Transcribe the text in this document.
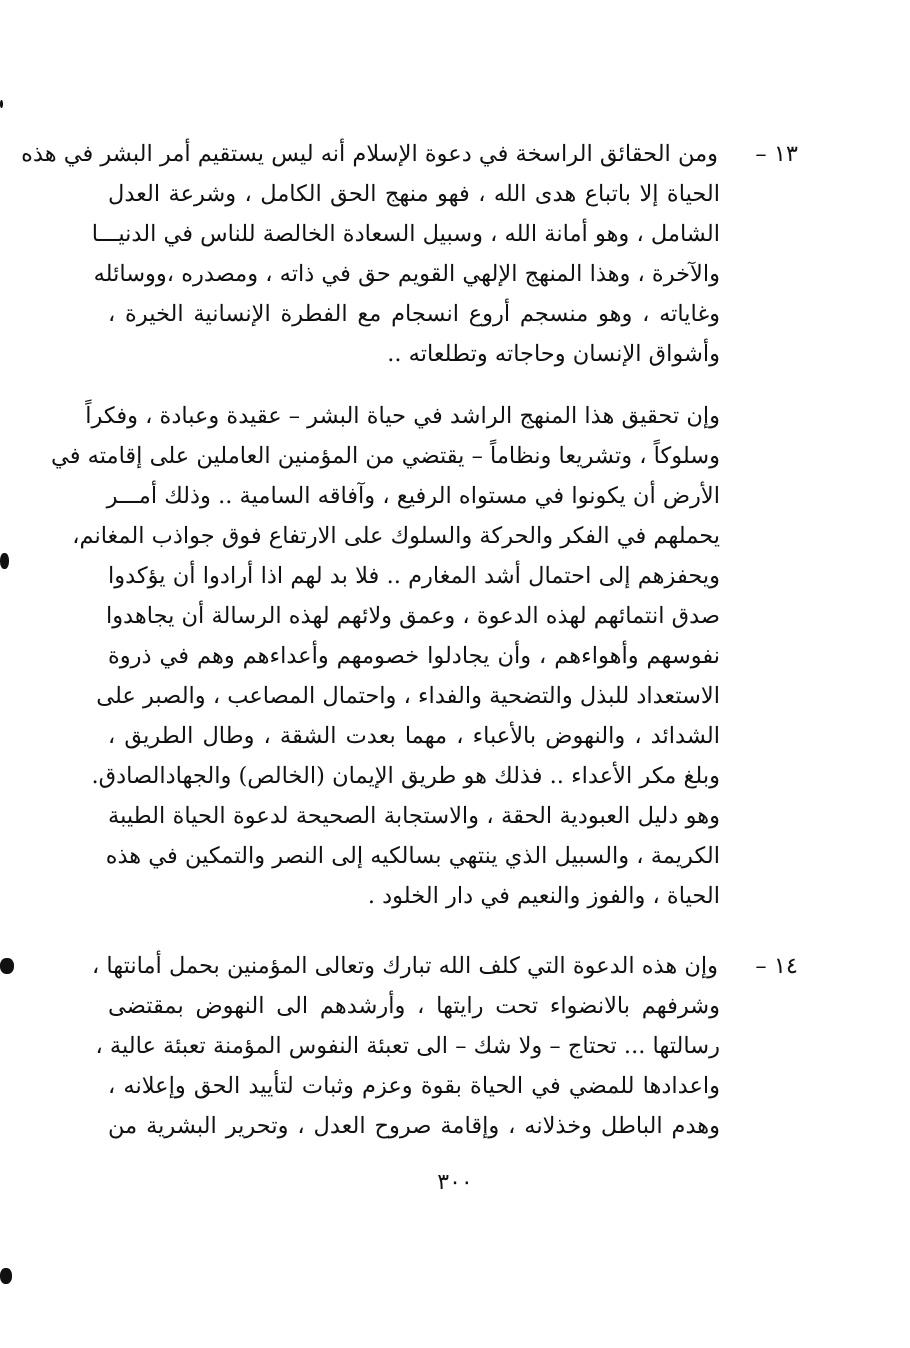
١٣ –
ومن الحقائق الراسخة في دعوة الإسلام أنه ليس يستقيم أمر البشر في هذه
الحياة إلا باتباع هدى الله ، فهو منهج الحق الكامل ، وشرعة العدل
الشامل ، وهو أمانة الله ، وسبيل السعادة الخالصة للناس في الدنيـــا
والآخرة ، وهذا المنهج الإلهي القويم حق في ذاته ، ومصدره ،ووسائله
وغاياته ، وهو منسجم أروع انسجام مع الفطرة الإنسانية الخيرة ،
وأشواق الإنسان وحاجاته وتطلعاته ..
وإن تحقيق هذا المنهج الراشد في حياة البشر – عقيدة وعبادة ، وفكراً
وسلوكاً ، وتشريعا ونظاماً – يقتضي من المؤمنين العاملين على إقامته في
الأرض أن يكونوا في مستواه الرفيع ، وآفاقه السامية .. وذلك أمـــر
يحملهم في الفكر والحركة والسلوك على الارتفاع فوق جواذب المغانم،
ويحفزهم إلى احتمال أشد المغارم .. فلا بد لهم اذا أرادوا أن يؤكدوا
صدق انتمائهم لهذه الدعوة ، وعمق ولائهم لهذه الرسالة أن يجاهدوا
نفوسهم وأهواءهم ، وأن يجادلوا خصومهم وأعداءهم وهم في ذروة
الاستعداد للبذل والتضحية والفداء ، واحتمال المصاعب ، والصبر على
الشدائد ، والنهوض بالأعباء ، مهما بعدت الشقة ، وطال الطريق ،
وبلغ مكر الأعداء .. فذلك هو طريق الإيمان (الخالص) والجهادالصادق.
وهو دليل العبودية الحقة ، والاستجابة الصحيحة لدعوة الحياة الطيبة
الكريمة ، والسبيل الذي ينتهي بسالكيه إلى النصر والتمكين في هذه
الحياة ، والفوز والنعيم في دار الخلود .
١٤ –
وإن هذه الدعوة التي كلف الله تبارك وتعالى المؤمنين بحمل أمانتها ،
وشرفهم بالانضواء تحت رايتها ، وأرشدهم الى النهوض بمقتضى
رسالتها ... تحتاج – ولا شك – الى تعبئة النفوس المؤمنة تعبئة عالية ،
واعدادها للمضي في الحياة بقوة وعزم وثبات لتأييد الحق وإعلانه ،
وهدم الباطل وخذلانه ، وإقامة صروح العدل ، وتحرير البشرية من
٣٠٠
